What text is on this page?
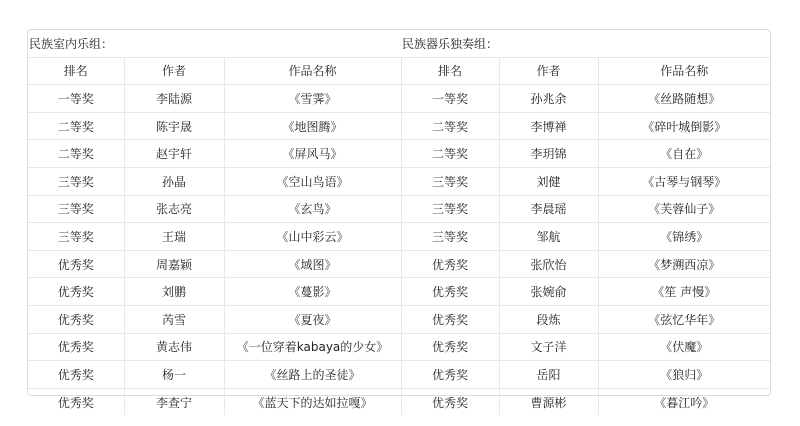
民族室内乐组：			民族器乐独奏组：		
排名	作者	作品名称	排名	作者	作品名称
一等奖	李陆源	《雪霁》	一等奖	孙兆余	《丝路随想》
二等奖	陈宇晟	《地图腾》	二等奖	李博禅	《碎叶城倒影》
二等奖	赵宇轩	《屏风马》	二等奖	李玥锦	《自在》
三等奖	孙晶	《空山鸟语》	三等奖	刘健	《古琴与钢琴》
三等奖	张志亮	《玄鸟》	三等奖	李晨瑶	《芙蓉仙子》
三等奖	王瑞	《山中彩云》	三等奖	邹航	《锦绣》
优秀奖	周嘉颖	《域图》	优秀奖	张欣怡	《梦溯西凉》
优秀奖	刘鹏	《蔓影》	优秀奖	张婉俞	《笙 声慢》
优秀奖	芮雪	《夏夜》	优秀奖	段炼	《弦忆华年》
优秀奖	黄志伟	《一位穿着kabaya的少女》	优秀奖	文子洋	《伏魔》
优秀奖	杨一	《丝路上的圣徒》	优秀奖	岳阳	《狼归》
优秀奖	李查宁	《蓝天下的达如拉嘎》	优秀奖	曹源彬	《暮江吟》
